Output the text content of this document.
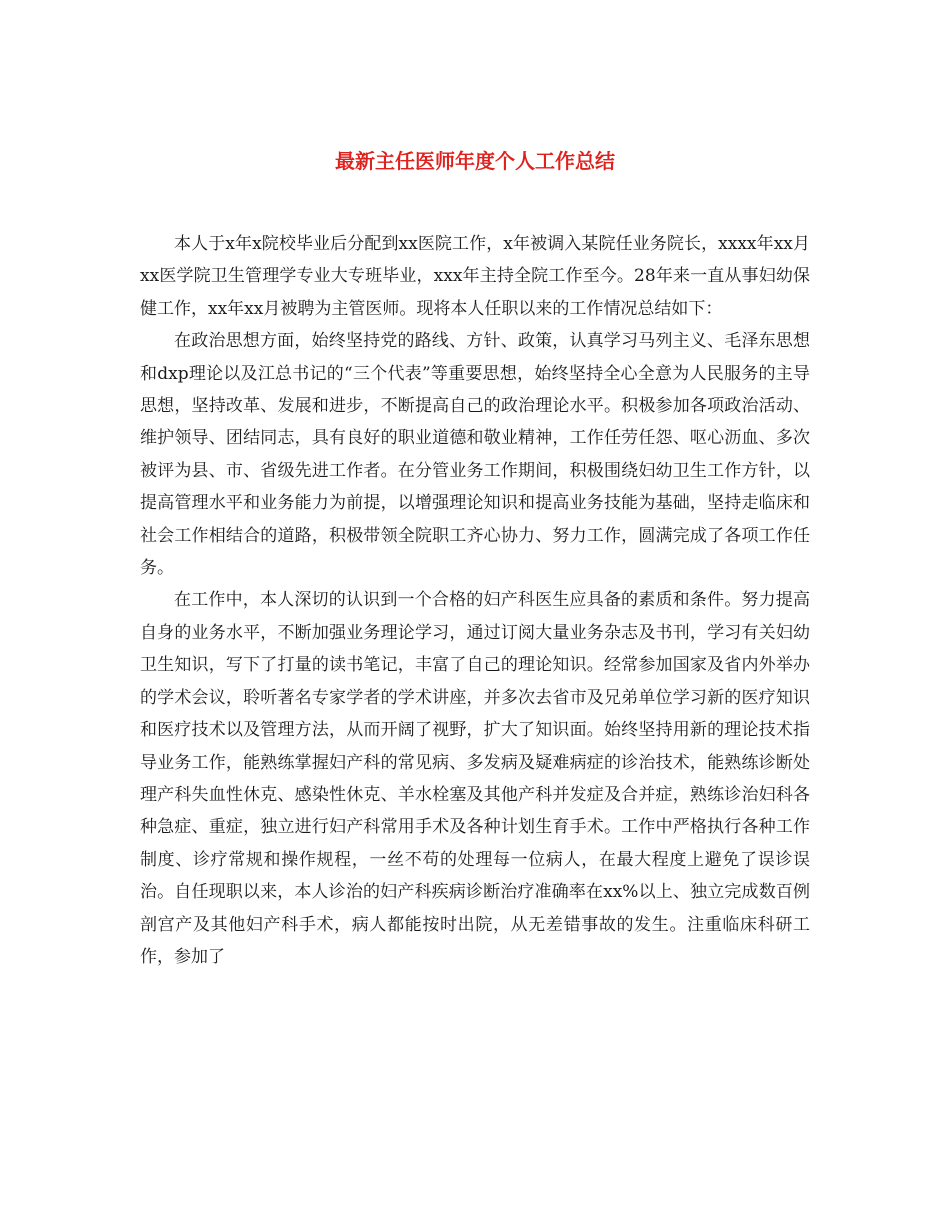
最新主任医师年度个人工作总结

本人于x年x院校毕业后分配到xx医院工作，x年被调入某院任业务院长，xxxx年xx月xx医学院卫生管理学专业大专班毕业，xxx年主持全院工作至今。28年来一直从事妇幼保健工作，xx年xx月被聘为主管医师。现将本人任职以来的工作情况总结如下：

在政治思想方面，始终坚持党的路线、方针、政策，认真学习马列主义、毛泽东思想和dxp理论以及江总书记的“三个代表”等重要思想，始终坚持全心全意为人民服务的主导思想，坚持改革、发展和进步，不断提高自己的政治理论水平。积极参加各项政治活动、维护领导、团结同志，具有良好的职业道德和敬业精神，工作任劳任怨、呕心沥血、多次被评为县、市、省级先进工作者。在分管业务工作期间，积极围绕妇幼卫生工作方针，以提高管理水平和业务能力为前提，以增强理论知识和提高业务技能为基础，坚持走临床和社会工作相结合的道路，积极带领全院职工齐心协力、努力工作，圆满完成了各项工作任务。

在工作中，本人深切的认识到一个合格的妇产科医生应具备的素质和条件。努力提高自身的业务水平，不断加强业务理论学习，通过订阅大量业务杂志及书刊，学习有关妇幼卫生知识，写下了打量的读书笔记，丰富了自己的理论知识。经常参加国家及省内外举办的学术会议，聆听著名专家学者的学术讲座，并多次去省市及兄弟单位学习新的医疗知识和医疗技术以及管理方法，从而开阔了视野，扩大了知识面。始终坚持用新的理论技术指导业务工作，能熟练掌握妇产科的常见病、多发病及疑难病症的诊治技术，能熟练诊断处理产科失血性休克、感染性休克、羊水栓塞及其他产科并发症及合并症，熟练诊治妇科各种急症、重症，独立进行妇产科常用手术及各种计划生育手术。工作中严格执行各种工作制度、诊疗常规和操作规程，一丝不苟的处理每一位病人，在最大程度上避免了误诊误治。自任现职以来，本人诊治的妇产科疾病诊断治疗准确率在xx%以上、独立完成数百例剖宫产及其他妇产科手术，病人都能按时出院，从无差错事故的发生。注重临床科研工作，参加了
